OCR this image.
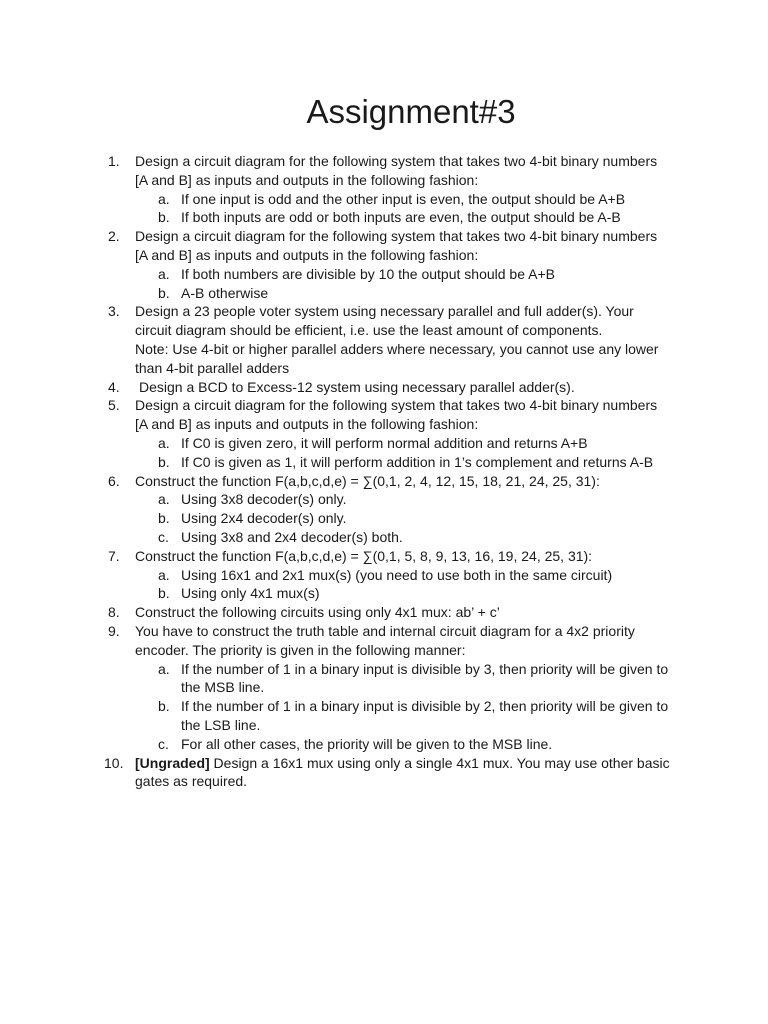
Assignment#3
1.	Design a circuit diagram for the following system that takes two 4-bit binary numbers [A and B] as inputs and outputs in the following fashion:
a. If one input is odd and the other input is even, the output should be A+B
b. If both inputs are odd or both inputs are even, the output should be A-B
2.	Design a circuit diagram for the following system that takes two 4-bit binary numbers [A and B] as inputs and outputs in the following fashion:
a. If both numbers are divisible by 10 the output should be A+B
b. A-B otherwise
3.	Design a 23 people voter system using necessary parallel and full adder(s). Your circuit diagram should be efficient, i.e. use the least amount of components.
Note: Use 4-bit or higher parallel adders where necessary, you cannot use any lower than 4-bit parallel adders
4.	Design a BCD to Excess-12 system using necessary parallel adder(s).
5.	Design a circuit diagram for the following system that takes two 4-bit binary numbers [A and B] as inputs and outputs in the following fashion:
a. If C0 is given zero, it will perform normal addition and returns A+B
b. If C0 is given as 1, it will perform addition in 1’s complement and returns A-B
6.	Construct the function F(a,b,c,d,e) = ∑(0,1, 2, 4, 12, 15, 18, 21, 24, 25, 31):
a. Using 3x8 decoder(s) only.
b. Using 2x4 decoder(s) only.
c. Using 3x8 and 2x4 decoder(s) both.
7.	Construct the function F(a,b,c,d,e) = ∑(0,1, 5, 8, 9, 13, 16, 19, 24, 25, 31):
a. Using 16x1 and 2x1 mux(s) (you need to use both in the same circuit)
b. Using only 4x1 mux(s)
8.	Construct the following circuits using only 4x1 mux: ab’ + c’
9.	You have to construct the truth table and internal circuit diagram for a 4x2 priority encoder. The priority is given in the following manner:
a. If the number of 1 in a binary input is divisible by 3, then priority will be given to the MSB line.
b. If the number of 1 in a binary input is divisible by 2, then priority will be given to the LSB line.
c. For all other cases, the priority will be given to the MSB line.
10. [Ungraded] Design a 16x1 mux using only a single 4x1 mux. You may use other basic gates as required.
